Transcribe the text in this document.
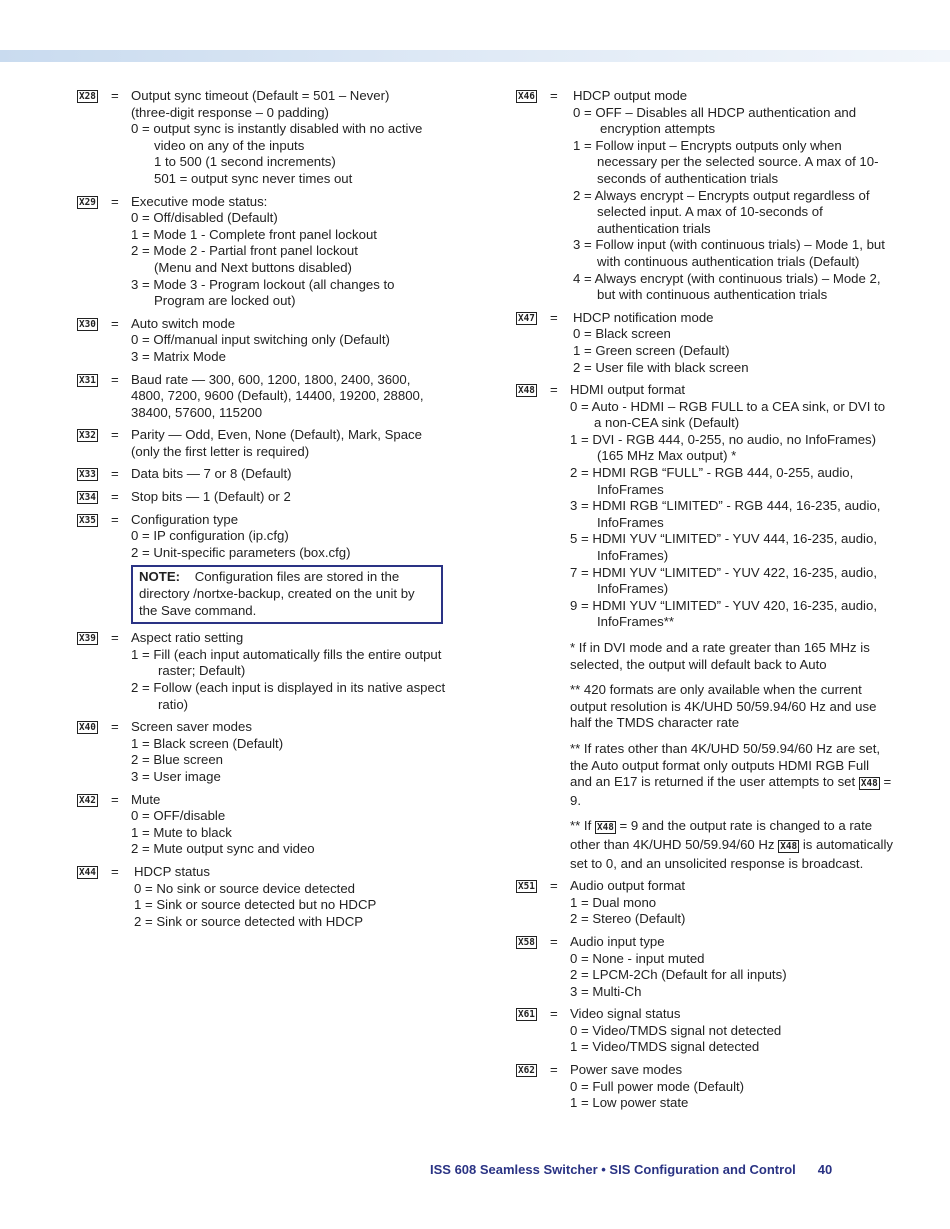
X28 = Output sync timeout (Default = 501 – Never)
(three-digit response – 0 padding)
0 = output sync is instantly disabled with no active
video on any of the inputs
1 to 500 (1 second increments)
501 = output sync never times out
X29 = Executive mode status:
0 = Off/disabled (Default)
1 = Mode 1 - Complete front panel lockout
2 = Mode 2 - Partial front panel lockout
(Menu and Next buttons disabled)
3 = Mode 3 - Program lockout (all changes to
Program are locked out)
X30 = Auto switch mode
0 = Off/manual input switching only (Default)
3 = Matrix Mode
X31 = Baud rate — 300, 600, 1200, 1800, 2400, 3600,
4800, 7200, 9600 (Default), 14400, 19200, 28800,
38400, 57600, 115200
X32 = Parity — Odd, Even, None (Default), Mark, Space
(only the first letter is required)
X33 = Data bits — 7 or 8 (Default)
X34 = Stop bits — 1 (Default) or 2
X35 = Configuration type
0 = IP configuration (ip.cfg)
2 = Unit-specific parameters (box.cfg)
NOTE: Configuration files are stored in the directory /nortxe-backup, created on the unit by the Save command.
X39 = Aspect ratio setting
1 = Fill (each input automatically fills the entire output raster; Default)
2 = Follow (each input is displayed in its native aspect ratio)
X40 = Screen saver modes
1 = Black screen (Default)
2 = Blue screen
3 = User image
X42 = Mute
0 = OFF/disable
1 = Mute to black
2 = Mute output sync and video
X44 = HDCP status
0 = No sink or source device detected
1 = Sink or source detected but no HDCP
2 = Sink or source detected with HDCP
X46 = HDCP output mode
0 = OFF – Disables all HDCP authentication and encryption attempts
1 = Follow input – Encrypts outputs only when necessary per the selected source. A max of 10-seconds of authentication trials
2 = Always encrypt – Encrypts output regardless of selected input. A max of 10-seconds of authentication trials
3 = Follow input (with continuous trials) – Mode 1, but with continuous authentication trials (Default)
4 = Always encrypt (with continuous trials) – Mode 2, but with continuous authentication trials
X47 = HDCP notification mode
0 = Black screen
1 = Green screen (Default)
2 = User file with black screen
X48 = HDMI output format
0 = Auto - HDMI – RGB FULL to a CEA sink, or DVI to a non-CEA sink (Default)
1 = DVI - RGB 444, 0-255, no audio, no InfoFrames) (165 MHz Max output) *
2 = HDMI RGB “FULL” - RGB 444, 0-255, audio, InfoFrames
3 = HDMI RGB “LIMITED” - RGB 444, 16-235, audio, InfoFrames
5 = HDMI YUV “LIMITED” - YUV 444, 16-235, audio, InfoFrames)
7 = HDMI YUV “LIMITED” - YUV 422, 16-235, audio, InfoFrames)
9 = HDMI YUV “LIMITED” - YUV 420, 16-235, audio, InfoFrames**
* If in DVI mode and a rate greater than 165 MHz is selected, the output will default back to Auto
** 420 formats are only available when the current output resolution is 4K/UHD 50/59.94/60 Hz and use half the TMDS character rate
** If rates other than 4K/UHD 50/59.94/60 Hz are set, the Auto output format only outputs HDMI RGB Full and an E17 is returned if the user attempts to set X48 = 9.
** If X48 = 9 and the output rate is changed to a rate other than 4K/UHD 50/59.94/60 Hz X48 is automatically set to 0, and an unsolicited response is broadcast.
X51 = Audio output format
1 = Dual mono
2 = Stereo (Default)
X58 = Audio input type
0 = None - input muted
2 = LPCM-2Ch (Default for all inputs)
3 = Multi-Ch
X61 = Video signal status
0 = Video/TMDS signal not detected
1 = Video/TMDS signal detected
X62 = Power save modes
0 = Full power mode (Default)
1 = Low power state
ISS 608 Seamless Switcher • SIS Configuration and Control 40
